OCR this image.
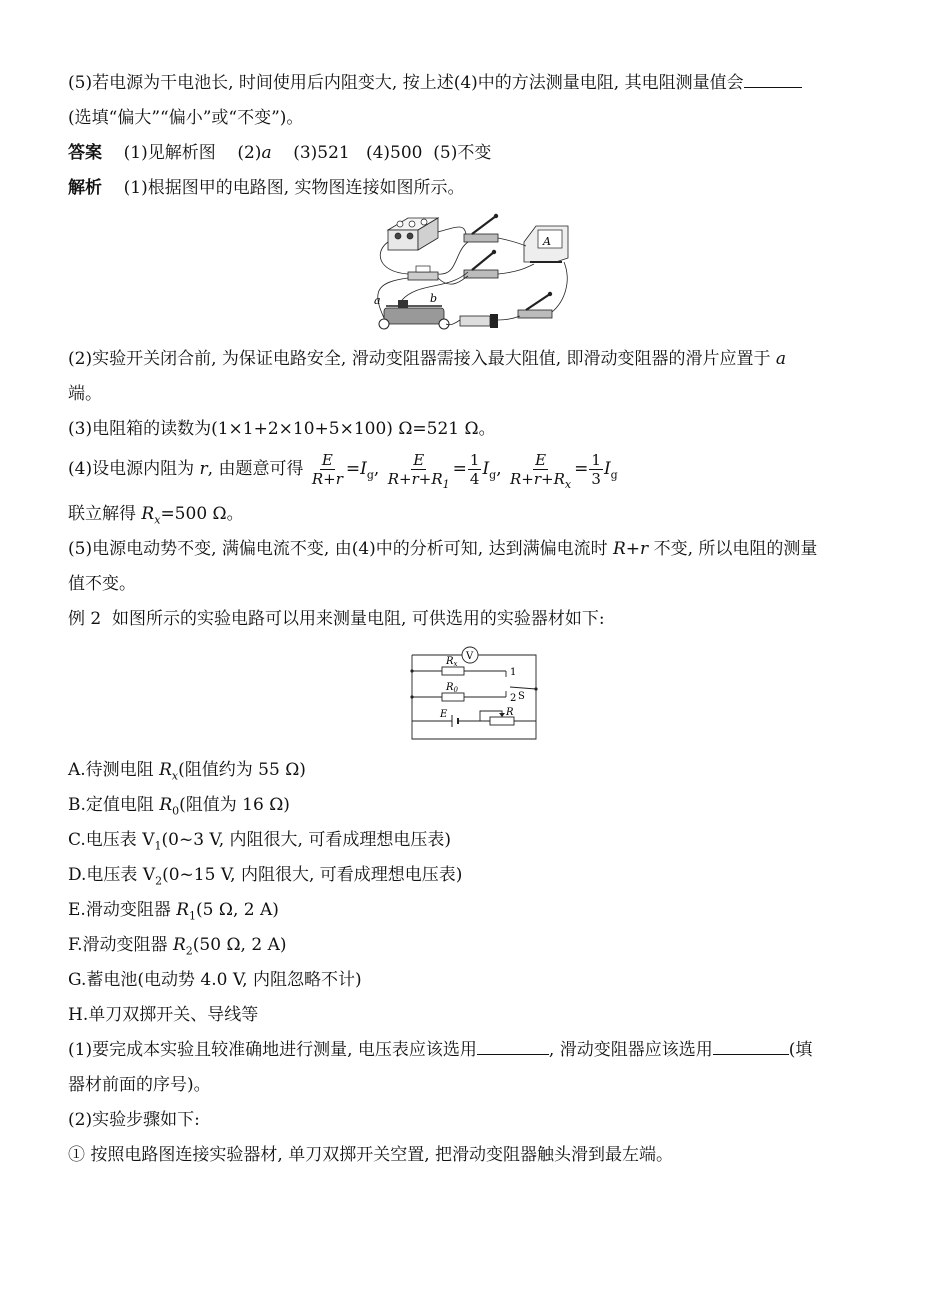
(5)若电源为干电池长, 时间使用后内阻变大, 按上述(4)中的方法测量电阻, 其电阻测量值会

(选填“偏大”“偏小”或“不变”)。

答案 (1)见解析图 (2)a (3)521 (4)500 (5)不变

解析 (1)根据图甲的电路图, 实物图连接如图所示。

A
a	b

(2)实验开关闭合前, 为保证电路安全, 滑动变阻器需接入最大阻值, 即滑动变阻器的滑片应置于 a

端。

(3)电阻箱的读数为(1×1+2×10+5×100) Ω=521 Ω。

(4)设电源内阻为 r, 由题意可得 $\frac{E}{R+r} =I_g$, $\frac{E}{R+r+R_1} = \frac{1}{4} I_g$, $\frac{E}{R+r+R_x} = \frac{1}{3} I_g$

联立解得 $R_x=500$ Ω。

(5)电源电动势不变, 满偏电流不变, 由(4)中的分析可知, 达到满偏电流时 R+r 不变, 所以电阻的测量

值不变。

例 2 如图所示的实验电路可以用来测量电阻, 可供选用的实验器材如下:

V
$R_x$
$R_0$
1
2 S
E	R

A.待测电阻 $R_x$(阻值约为 55 Ω)

B.定值电阻 $R_0$(阻值为 16 Ω)

C.电压表 $V_1(0\sim 3$ V, 内阻很大, 可看成理想电压表)

D.电压表 $V_2(0\sim 15$ V, 内阻很大, 可看成理想电压表)

E.滑动变阻器 $R_1(5$ Ω, 2 A)

F.滑动变阻器 $R_2(50$ Ω, 2 A)

G.蓄电池(电动势 4.0 V, 内阻忽略不计)

H.单刀双掷开关、导线等

(1)要完成本实验且较准确地进行测量, 电压表应该选用	, 滑动变阻器应该选用	(填

器材前面的序号)。

(2)实验步骤如下:

① 按照电路图连接实验器材, 单刀双掷开关空置, 把滑动变阻器触头滑到最左端。
